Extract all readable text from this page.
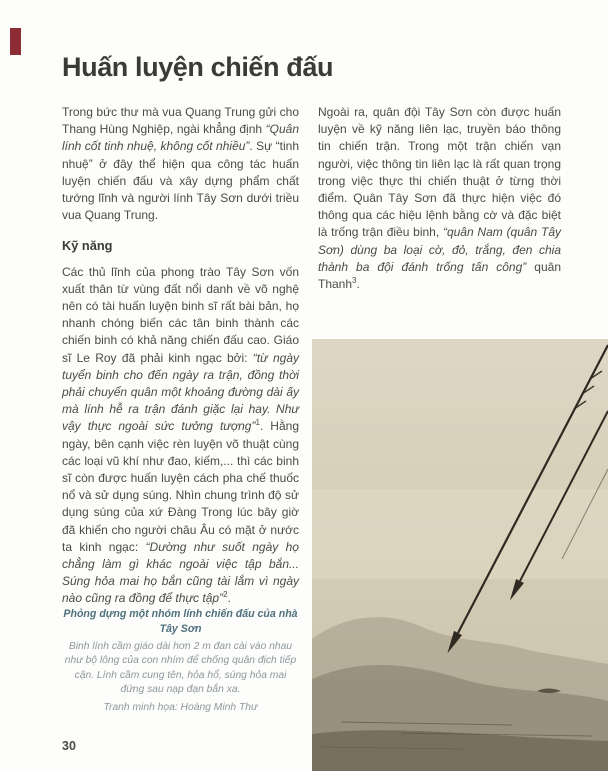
Huấn luyện chiến đấu

Trong bức thư mà vua Quang Trung gửi cho Thang Hùng Nghiệp, ngài khẳng định “Quân lính cốt tinh nhuệ, không cốt nhiều”. Sự “tinh nhuệ” ở đây thể hiện qua công tác huấn luyện chiến đấu và xây dựng phẩm chất tướng lĩnh và người lính Tây Sơn dưới triều vua Quang Trung.

Kỹ năng

Các thủ lĩnh của phong trào Tây Sơn vốn xuất thân từ vùng đất nổi danh về võ nghệ nên có tài huấn luyện binh sĩ rất bài bản, họ nhanh chóng biến các tân binh thành các chiến binh có khả năng chiến đấu cao. Giáo sĩ Le Roy đã phải kinh ngạc bởi: “từ ngày tuyển binh cho đến ngày ra trận, đồng thời phải chuyển quân một khoảng đường dài ấy mà lính hễ ra trận đánh giặc lại hay. Như vậy thực ngoài sức tưởng tượng”$^1$. Hằng ngày, bên cạnh việc rèn luyện võ thuật cùng các loại vũ khí như đao, kiếm,... thì các binh sĩ còn được huấn luyện cách pha chế thuốc nổ và sử dụng súng. Nhìn chung trình độ sử dụng súng của xứ Đàng Trong lúc bây giờ đã khiến cho người châu Âu có mặt ở nước ta kinh ngạc: “Dường như suốt ngày họ chẳng làm gì khác ngoài việc tập bắn... Súng hỏa mai họ bắn cũng tài lắm vì ngày nào cũng ra đồng để thực tập”$^2$.

Ngoài ra, quân đội Tây Sơn còn được huấn luyện về kỹ năng liên lạc, truyền báo thông tin chiến trận. Trong một trận chiến vạn người, việc thông tin liên lạc là rất quan trọng trong việc thực thi chiến thuật ở từng thời điểm. Quân Tây Sơn đã thực hiện việc đó thông qua các hiệu lệnh bằng cờ và đặc biệt là trống trận điều binh, “quân Nam (quân Tây Sơn) dùng ba loại cờ, đỏ, trắng, đen chia thành ba đội đánh trống tấn công” quân Thanh$^3$.

Phỏng dựng một nhóm lính chiến đấu của nhà Tây Sơn

Binh lính cầm giáo dài hơn 2 m đan cài vào nhau như bộ lông của con nhím để chống quân địch tiếp cận. Lính cầm cung tên, hỏa hổ, súng hỏa mai đứng sau nạp đạn bắn xa.

Tranh minh họa: Hoàng Minh Thư

30
